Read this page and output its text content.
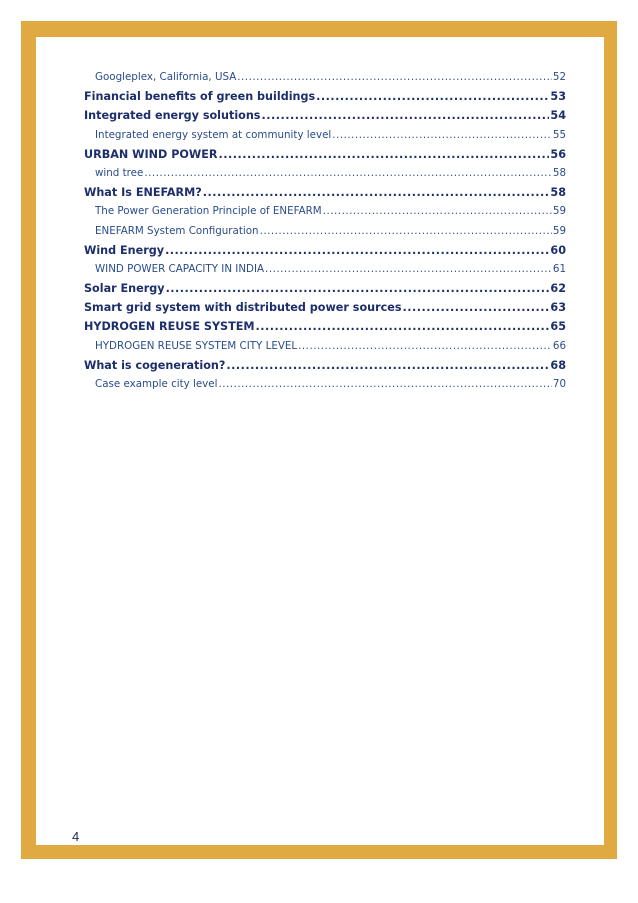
Googleplex, California, USA .....	52
Financial benefits of green buildings .....	53
Integrated energy solutions .....	54
Integrated energy system at community level .....	55
URBAN WIND POWER .....	56
wind tree .....	58
What Is ENEFARM? .....	58
The Power Generation Principle of ENEFARM .....	59
ENEFARM System Configuration .....	59
Wind Energy .....	60
WIND POWER CAPACITY IN INDIA .....	61
Solar Energy .....	62
Smart grid system with distributed power sources .....	63
HYDROGEN REUSE SYSTEM .....	65
HYDROGEN REUSE SYSTEM CITY LEVEL .....	66
What is cogeneration? .....	68
Case example city level .....	70
4
